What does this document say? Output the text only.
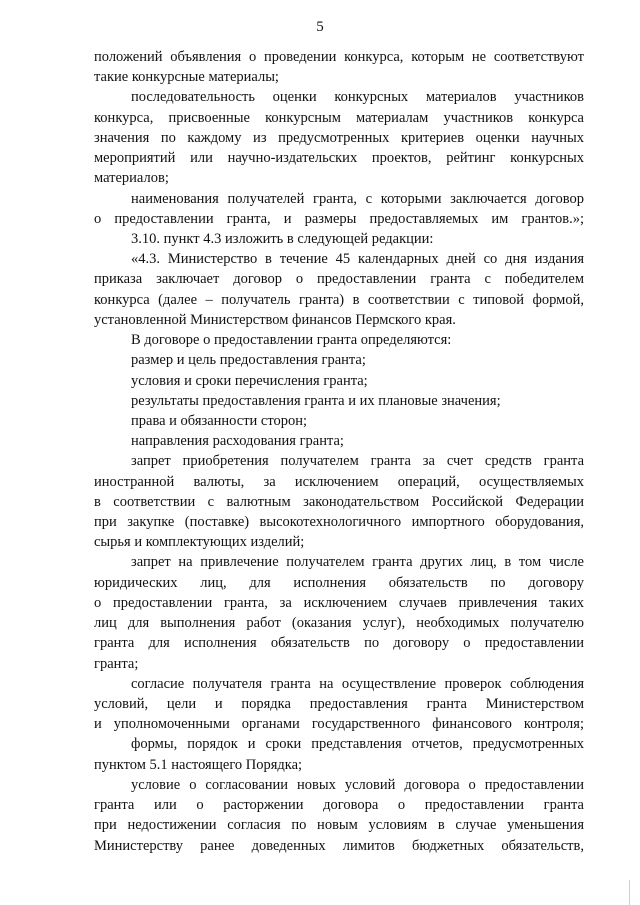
5
положений объявления о проведении конкурса, которым не соответствуют
такие конкурсные материалы;
последовательность оценки конкурсных материалов участников
конкурса, присвоенные конкурсным материалам участников конкурса
значения по каждому из предусмотренных критериев оценки научных
мероприятий или научно-издательских проектов, рейтинг конкурсных
материалов;
наименования получателей гранта, с которыми заключается договор
о предоставлении гранта, и размеры предоставляемых им грантов.»;
3.10. пункт 4.3 изложить в следующей редакции:
«4.3. Министерство в течение 45 календарных дней со дня издания
приказа заключает договор о предоставлении гранта с победителем
конкурса (далее – получатель гранта) в соответствии с типовой формой,
установленной Министерством финансов Пермского края.
В договоре о предоставлении гранта определяются:
размер и цель предоставления гранта;
условия и сроки перечисления гранта;
результаты предоставления гранта и их плановые значения;
права и обязанности сторон;
направления расходования гранта;
запрет приобретения получателем гранта за счет средств гранта
иностранной валюты, за исключением операций, осуществляемых
в соответствии с валютным законодательством Российской Федерации
при закупке (поставке) высокотехнологичного импортного оборудования,
сырья и комплектующих изделий;
запрет на привлечение получателем гранта других лиц, в том числе
юридических лиц, для исполнения обязательств по договору
о предоставлении гранта, за исключением случаев привлечения таких
лиц для выполнения работ (оказания услуг), необходимых получателю
гранта для исполнения обязательств по договору о предоставлении
гранта;
согласие получателя гранта на осуществление проверок соблюдения
условий, цели и порядка предоставления гранта Министерством
и уполномоченными органами государственного финансового контроля;
формы, порядок и сроки представления отчетов, предусмотренных
пунктом 5.1 настоящего Порядка;
условие о согласовании новых условий договора о предоставлении
гранта или о расторжении договора о предоставлении гранта
при недостижении согласия по новым условиям в случае уменьшения
Министерству ранее доведенных лимитов бюджетных обязательств,
